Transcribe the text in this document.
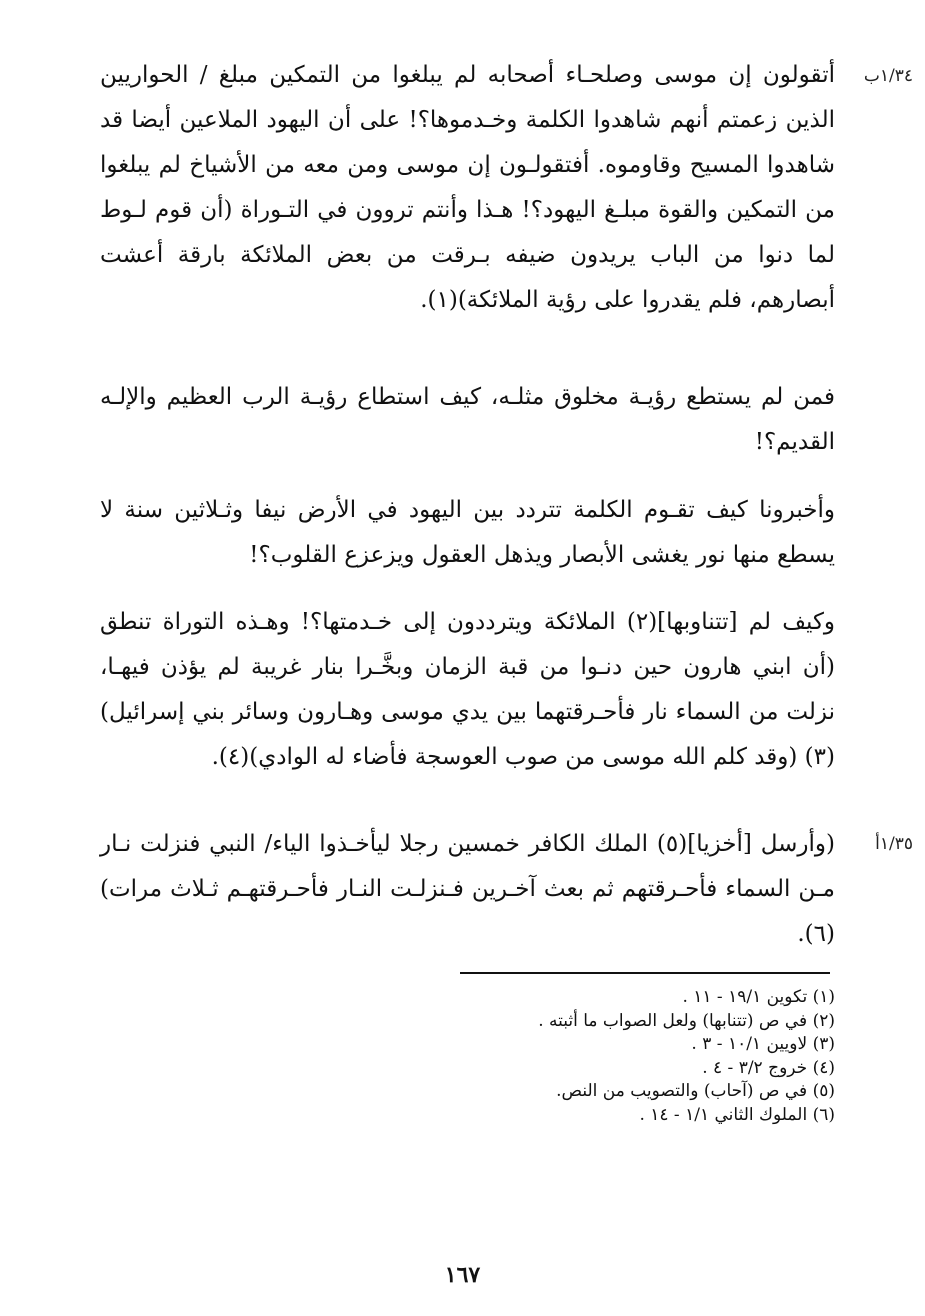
١/٣٤ب
١/٣٥أ
أتقولون إن موسى وصلحـاء أصحابه لم يبلغوا من التمكين مبلغ / الحواريين الذين زعمتم أنهم شاهدوا الكلمة وخـدموها؟! على أن اليهود الملاعين أيضا قد شاهدوا المسيح وقاوموه. أفتقولـون إن موسى ومن معه من الأشياخ لم يبلغوا من التمكين والقوة مبلـغ اليهود؟! هـذا وأنتم تروون في التـوراة (أن قوم لـوط لما دنوا من الباب يريدون ضيفه بـرقت من بعض الملائكة بارقة أعشت أبصارهم، فلم يقدروا على رؤية الملائكة)(١).
فمن لم يستطع رؤيـة مخلوق مثلـه، كيف استطاع رؤيـة الرب العظيم والإلـه القديم؟!
وأخبرونا كيف تقـوم الكلمة تتردد بين اليهود في الأرض نيفا وثـلاثين سنة لا يسطع منها نور يغشى الأبصار ويذهل العقول ويزعزع القلوب؟!
وكيف لم [تتناوبها](٢) الملائكة ويترددون إلى خـدمتها؟! وهـذه التوراة تنطق (أن ابني هارون حين دنـوا من قبة الزمان وبخَّـرا بنار غريبة لم يؤذن فيهـا، نزلت من السماء نار فأحـرقتهما بين يدي موسى وهـارون وسائر بني إسرائيل)(٣) (وقد كلم الله موسى من صوب العوسجة فأضاء له الوادي)(٤).
(وأرسل [أخزيا](٥) الملك الكافر خمسين رجلا ليأخـذوا الياء/ النبي فنزلت نـار مـن السماء فأحـرقتهم ثم بعث آخـرين فـنزلـت النـار فأحـرقتهـم ثـلاث مرات)(٦).
(١) تكوين ١٩/١ - ١١ .
(٢) في ص (تتنابها) ولعل الصواب ما أثبته .
(٣) لاويين ١٠/١ - ٣ .
(٤) خروج ٣/٢ - ٤ .
(٥) في ص (آحاب) والتصويب من النص.
(٦) الملوك الثاني ١/١ - ١٤ .
١٦٧
